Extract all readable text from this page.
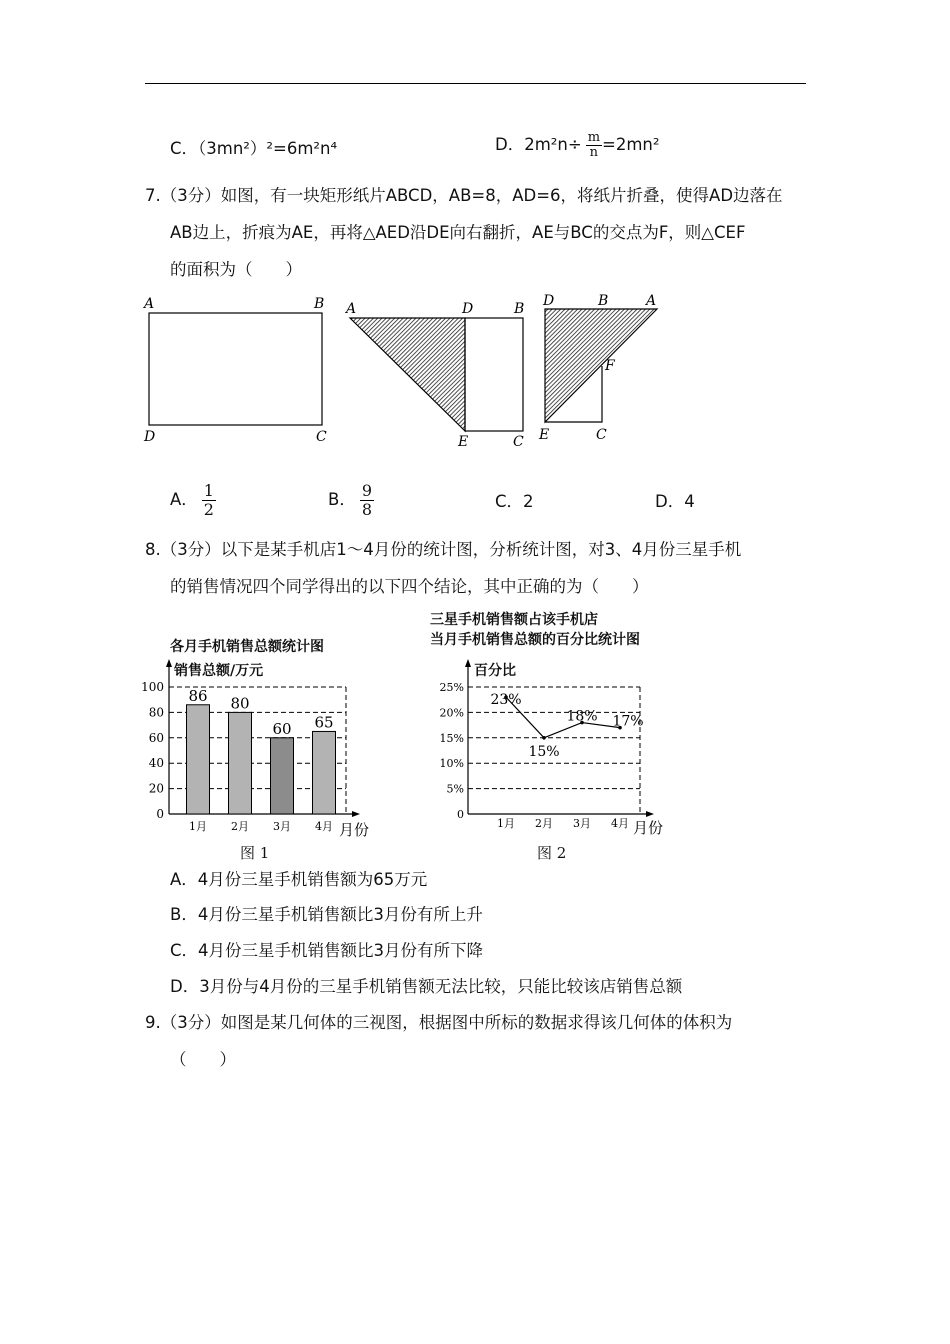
C．（3mn²）²=6m²n⁴	D．$2m^2n\div \frac{m}{n} =2mn^2$
7.（3分）如图，有一块矩形纸片ABCD，AB=8，AD=6，将纸片折叠，使得AD边落在
AB边上，折痕为AE，再将△AED沿DE向右翻折，AE与BC的交点为F，则△CEF
的面积为（　　）
A	B
D	C
A	D	B
E	C
D	B	A
F
E	C
A． $\frac{1}{2}$	B． $\frac{9}{8}$	C．2	D．4
8.（3分）以下是某手机店1～4月份的统计图，分析统计图，对3、4月份三星手机
的销售情况四个同学得出的以下四个结论，其中正确的为（　　）
各月手机销售总额统计图
销售总额/万元
0
20
40
60
80
100 86
1月
80
2月
60
3月
65
4月 月份
图 1
三星手机销售额占该手机店
当月手机销售总额的百分比统计图
百分比
0
5%
10%
15%
20%
25%
23%
1月
15%
2月
18%
3月
17%
4月 月份
图 2
A．4月份三星手机销售额为65万元
B．4月份三星手机销售额比3月份有所上升
C．4月份三星手机销售额比3月份有所下降
D．3月份与4月份的三星手机销售额无法比较，只能比较该店销售总额
9.（3分）如图是某几何体的三视图，根据图中所标的数据求得该几何体的体积为
（　　）
